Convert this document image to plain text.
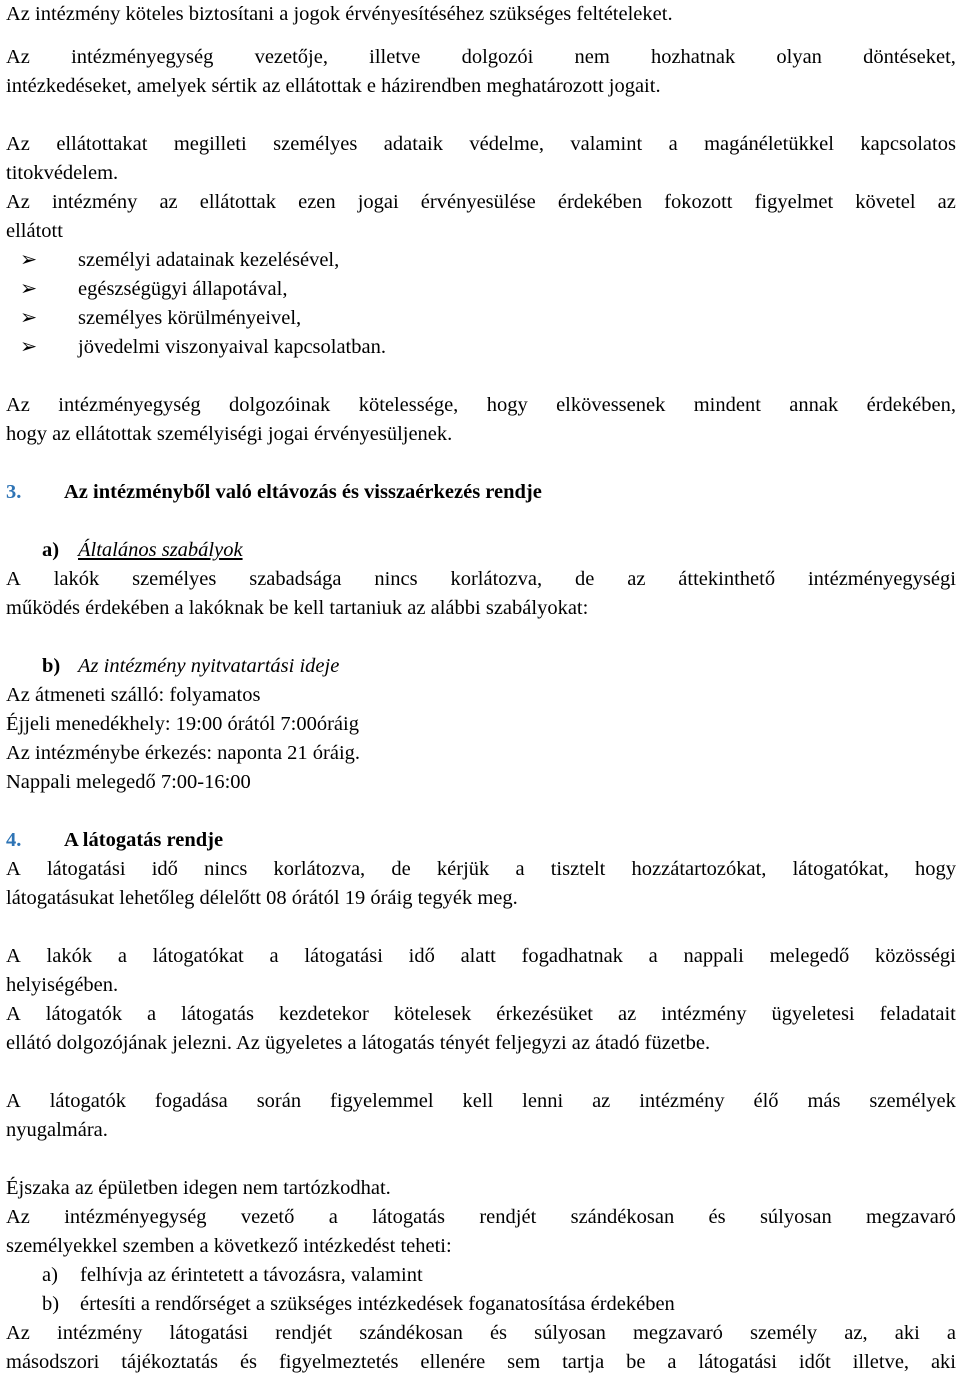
Az intézmény köteles biztosítani a jogok érvényesítéséhez szükséges feltételeket.
Az intézményegység vezetője, illetve dolgozói nem hozhatnak olyan döntéseket,
intézkedéseket, amelyek sértik az ellátottak e házirendben meghatározott jogait.
Az ellátottakat megilleti személyes adataik védelme, valamint a magánéletükkel kapcsolatos
titokvédelem.
Az intézmény az ellátottak ezen jogai érvényesülése érdekében fokozott figyelmet követel az
ellátott
➢ személyi adatainak kezelésével,
➢ egészségügyi állapotával,
➢ személyes körülményeivel,
➢ jövedelmi viszonyaival kapcsolatban.
Az intézményegység dolgozóinak kötelessége, hogy elkövessenek mindent annak érdekében,
hogy az ellátottak személyiségi jogai érvényesüljenek.
3. Az intézményből való eltávozás és visszaérkezés rendje
a) Általános szabályok
A lakók személyes szabadsága nincs korlátozva, de az áttekinthető intézményegységi
működés érdekében a lakóknak be kell tartaniuk az alábbi szabályokat:
b) Az intézmény nyitvatartási ideje
Az átmeneti szálló: folyamatos
Éjjeli menedékhely: 19:00 órától 7:00óráig
Az intézménybe érkezés: naponta 21 óráig.
Nappali melegedő 7:00-16:00
4. A látogatás rendje
A látogatási idő nincs korlátozva, de kérjük a tisztelt hozzátartozókat, látogatókat, hogy
látogatásukat lehetőleg délelőtt 08 órától 19 óráig tegyék meg.
A lakók a látogatókat a látogatási idő alatt fogadhatnak a nappali melegedő közösségi
helyiségében.
A látogatók a látogatás kezdetekor kötelesek érkezésüket az intézmény ügyeletesi feladatait
ellátó dolgozójának jelezni. Az ügyeletes a látogatás tényét feljegyzi az átadó füzetbe.
A látogatók fogadása során figyelemmel kell lenni az intézmény élő más személyek
nyugalmára.
Éjszaka az épületben idegen nem tartózkodhat.
Az intézményegység vezető a látogatás rendjét szándékosan és súlyosan megzavaró
személyekkel szemben a következő intézkedést teheti:
a) felhívja az érintetett a távozásra, valamint
b) értesíti a rendőrséget a szükséges intézkedések foganatosítása érdekében
Az intézmény látogatási rendjét szándékosan és súlyosan megzavaró személy az, aki a
másodszori tájékoztatás és figyelmeztetés ellenére sem tartja be a látogatási időt illetve, aki
